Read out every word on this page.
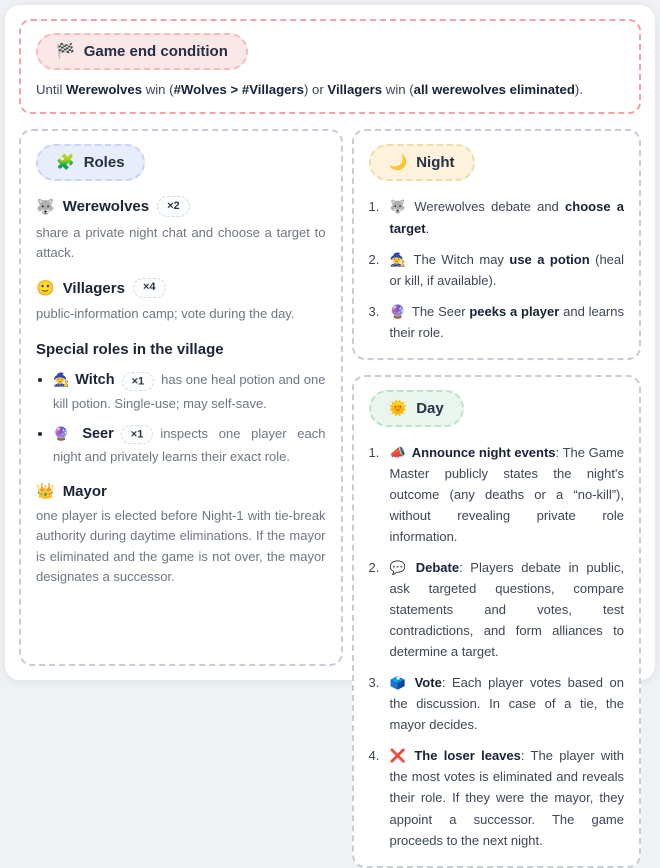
🏁 Game end condition

Until Werewolves win (#Wolves > #Villagers) or Villagers win (all werewolves eliminated).

🧩 Roles
🐺 Werewolves	×2

share a private night chat and choose a target to attack.

🙂 Villagers	×4

public-information camp; vote during the day.

Special roles in the village
• 🧙 Witch ×1 has one heal potion and one kill potion. Single-use; may self-save.
• 🔮 Seer ×1 inspects one player each night and privately learns their exact role.
👑 Mayor

one player is elected before Night-1 with tie-break authority during daytime eliminations. If the mayor is eliminated and the game is not over, the mayor designates a successor.

🌙 Night
1. 🐺 Werewolves debate and choose a target.

2. 🧙 The Witch may use a potion (heal or kill, if available).

3. 🔮 The Seer peeks a player and learns their role.

🌞 Day
1. 📣 Announce night events: The Game Master publicly states the night's outcome (any deaths or a “no-kill”), without revealing private role information.

2. 💬 Debate: Players debate in public, ask targeted questions, compare statements and votes, test contradictions, and form alliances to determine a target.

3. 🗳️ Vote: Each player votes based on the discussion. In case of a tie, the mayor decides.

4. ❌ The loser leaves: The player with the most votes is eliminated and reveals their role. If they were the mayor, they appoint a successor. The game proceeds to the next night.
